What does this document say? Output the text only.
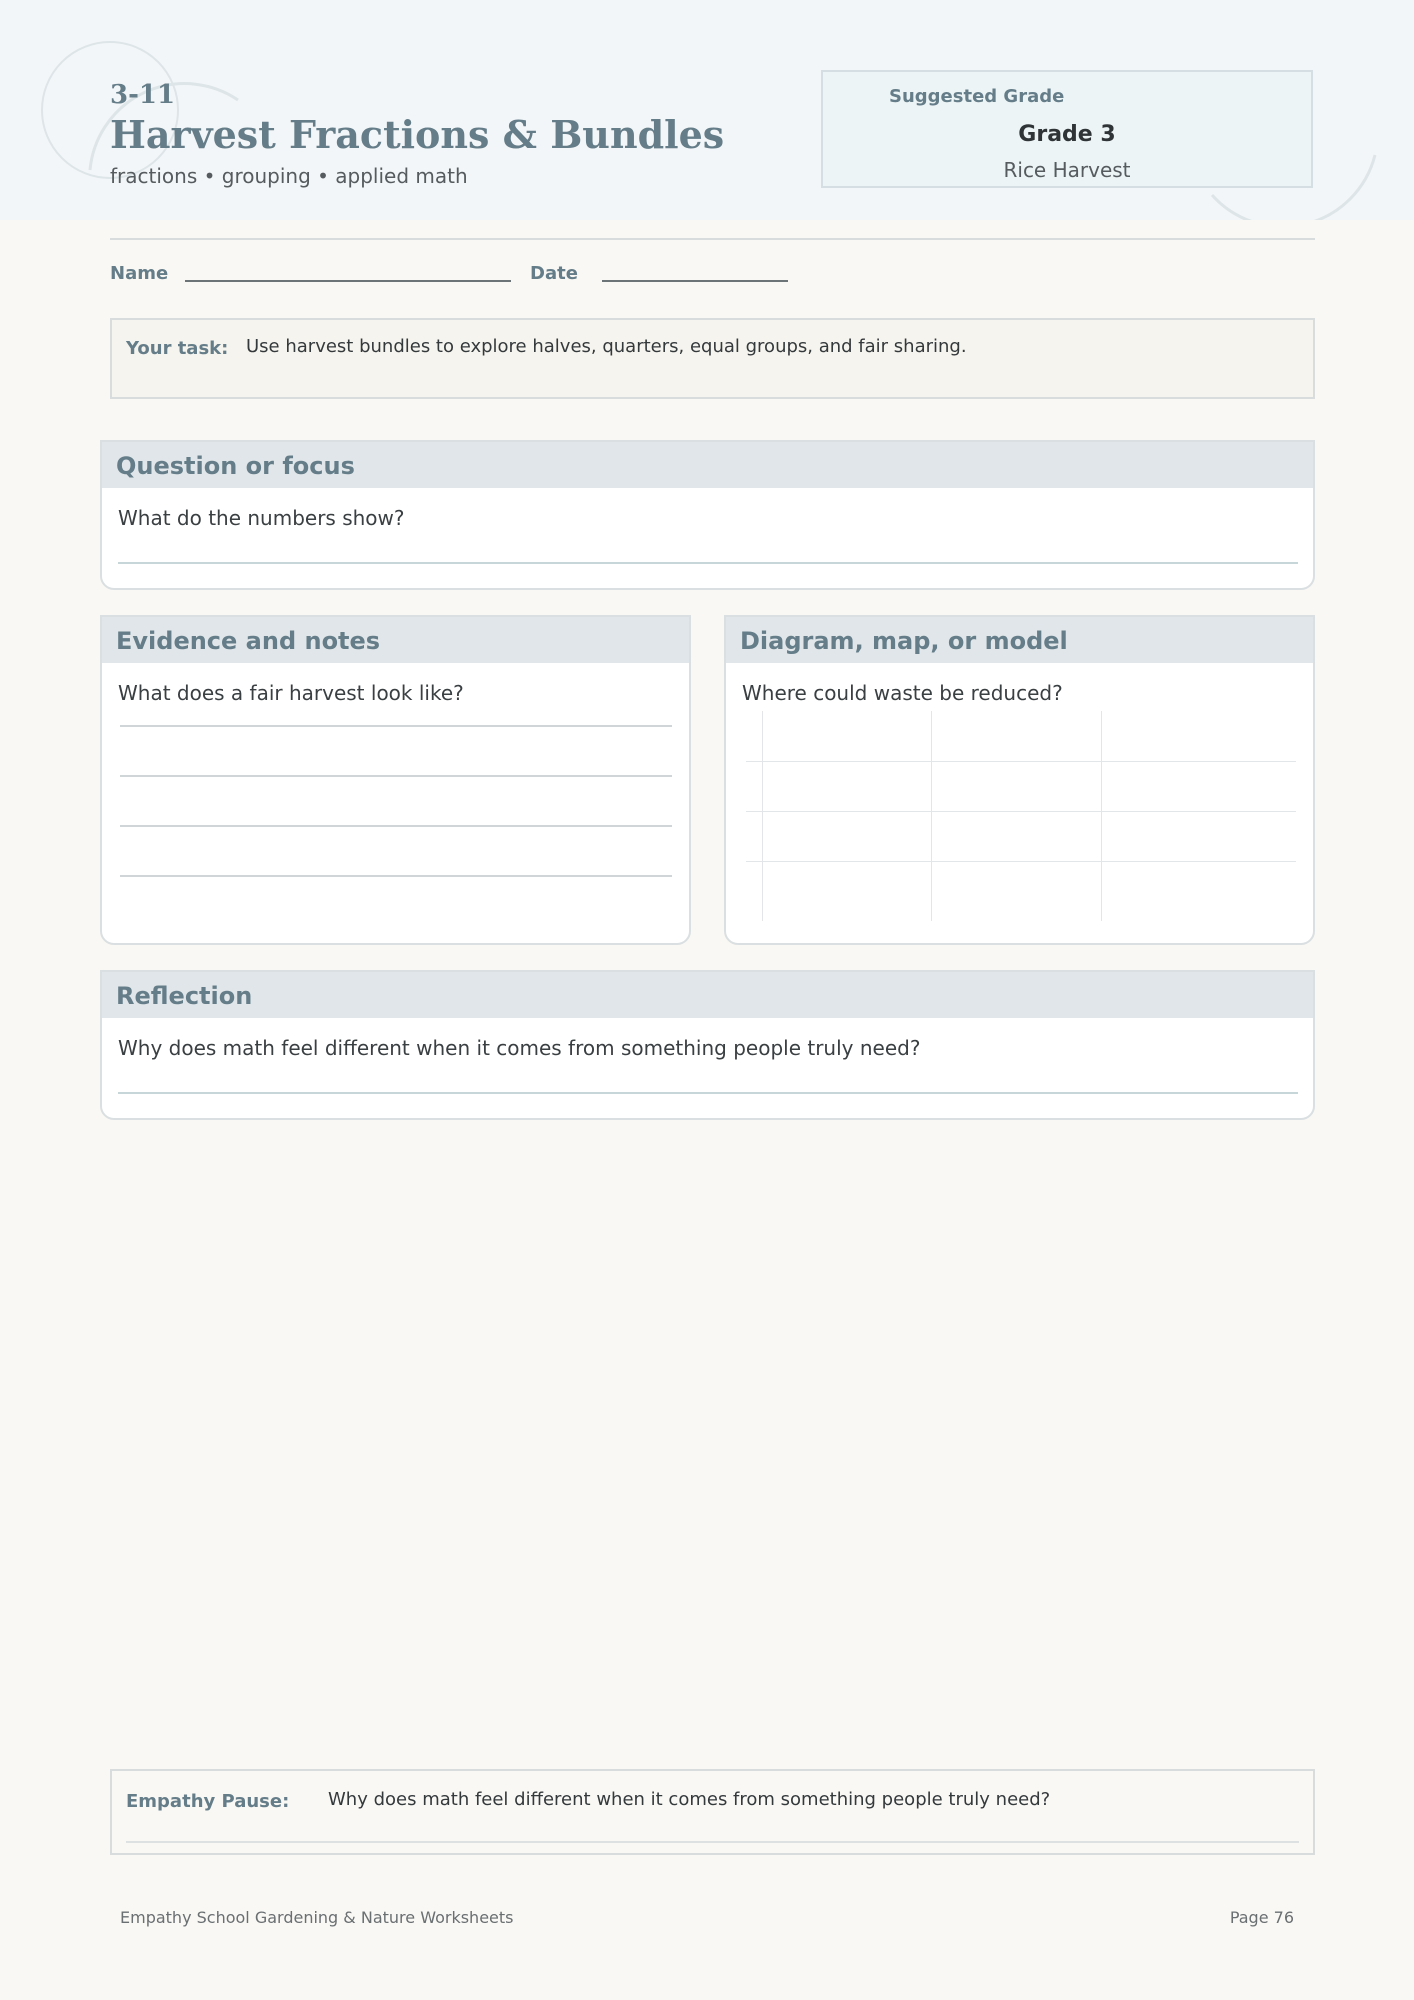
3-11
Harvest Fractions & Bundles
fractions • grouping • applied math
Suggested Grade
Grade 3
Rice Harvest
Name	Date
Your task: Use harvest bundles to explore halves, quarters, equal groups, and fair sharing.
Question or focus
What do the numbers show?
Evidence and notes
What does a fair harvest look like?
Diagram, map, or model
Where could waste be reduced?
Reflection
Why does math feel different when it comes from something people truly need?
Empathy Pause: Why does math feel different when it comes from something people truly need?
Empathy School Gardening & Nature Worksheets	Page 76
